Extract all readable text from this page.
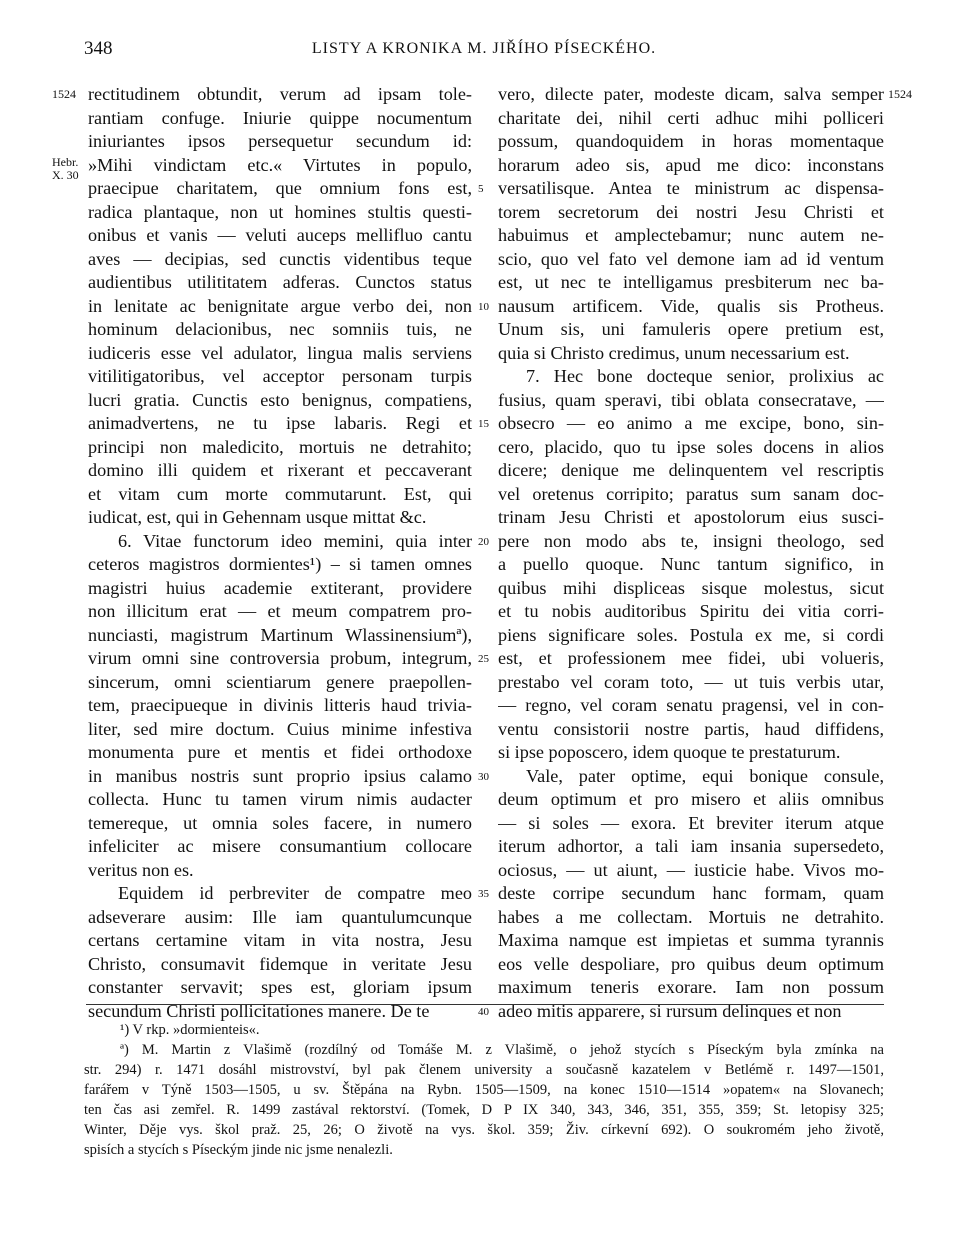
348	LISTY A KRONIKA M. JIŘÍHO PÍSECKÉHO.
1524	1524
Hebr.
X. 30
5
10
15
20
25
30
35
40
rectitudinem obtundit, verum ad ipsam tole-
rantiam confuge. Iniurie quippe nocumentum
iniuriantes ipsos persequetur secundum id:
»Mihi vindictam etc.« Virtutes in populo,
praecipue charitatem, que omnium fons est,
radica plantaque, non ut homines stultis questi-
onibus et vanis — veluti auceps mellifluo cantu
aves — decipias, sed cunctis videntibus teque
audientibus utilititatem adferas. Cunctos status
in lenitate ac benignitate argue verbo dei, non
hominum delacionibus, nec somniis tuis, ne
iudiceris esse vel adulator, lingua malis serviens
vitilitigatoribus, vel acceptor personam turpis
lucri gratia. Cunctis esto benignus, compatiens,
animadvertens, ne tu ipse labaris. Regi et
principi non maledicito, mortuis ne detrahito;
domino illi quidem et rixerant et peccaverant
et vitam cum morte commutarunt. Est, qui
iudicat, est, qui in Gehennam usque mittat &c.
6. Vitae functorum ideo memini, quia inter
ceteros magistros dormientes¹) – si tamen omnes
magistri huius academie extiterant, providere
non illicitum erat — et meum compatrem pro-
nunciasti, magistrum Martinum Wlassinensiumª),
virum omni sine controversia probum, integrum,
sincerum, omni scientiarum genere praepollen-
tem, praecipueque in divinis litteris haud trivia-
liter, sed mire doctum. Cuius minime infestiva
monumenta pure et mentis et fidei orthodoxe
in manibus nostris sunt proprio ipsius calamo
collecta. Hunc tu tamen virum nimis audacter
temereque, ut omnia soles facere, in numero
infeliciter ac misere consumantium collocare
veritus non es.
Equidem id perbreviter de compatre meo
adseverare ausim: Ille iam quantulumcunque
certans certamine vitam in vita nostra, Jesu
Christo, consumavit fidemque in veritate Jesu
constanter servavit; spes est, gloriam ipsum
secundum Christi pollicitationes manere. De te
vero, dilecte pater, modeste dicam, salva semper
charitate dei, nihil certi adhuc mihi polliceri
possum, quandoquidem in horas momentaque
horarum adeo sis, apud me dico: inconstans
versatilisque. Antea te ministrum ac dispensa-
torem secretorum dei nostri Jesu Christi et
habuimus et amplectebamur; nunc autem ne-
scio, quo vel fato vel demone iam ad id ventum
est, ut nec te intelligamus presbiterum nec ba-
nausum artificem. Vide, qualis sis Protheus.
Unum sis, uni famuleris opere pretium est,
quia si Christo credimus, unum necessarium est.
7. Hec bone docteque senior, prolixius ac
fusius, quam speravi, tibi oblata consecratave, —
obsecro — eo animo a me excipe, bono, sin-
cero, placido, quo tu ipse soles docens in alios
dicere; denique me delinquentem vel rescriptis
vel oretenus corripito; paratus sum sanam doc-
trinam Jesu Christi et apostolorum eius susci-
pere non modo abs te, insigni theologo, sed
a puello quoque. Nunc tantum significo, in
quibus mihi displiceas sisque molestus, sicut
et tu nobis auditoribus Spiritu dei vitia corri-
piens significare soles. Postula ex me, si cordi
est, et professionem mee fidei, ubi volueris,
prestabo vel coram toto, — ut tuis verbis utar,
— regno, vel coram senatu pragensi, vel in con-
ventu consistorii nostre partis, haud diffidens,
si ipse poposcero, idem quoque te prestaturum.
Vale, pater optime, equi bonique consule,
deum optimum et pro misero et aliis omnibus
— si soles — exora. Et breviter iterum atque
iterum adhortor, a tali iam insania supersedeto,
ociosus, — ut aiunt, — iusticie habe. Vivos mo-
deste corripe secundum hanc formam, quam
habes a me collectam. Mortuis ne detrahito.
Maxima namque est impietas et summa tyrannis
eos velle despoliare, pro quibus deum optimum
maximum teneris exorare. Iam non possum
adeo mitis apparere, si rursum delinques et non
¹) V rkp. »dormienteis«.
ª) M. Martin z Vlašimě (rozdílný od Tomáše M. z Vlašimě, o jehož stycích s Píseckým byla zmínka na
str. 294) r. 1471 dosáhl mistrovství, byl pak členem university a současně kazatelem v Betlémě r. 1497—1501,
farářem v Týně 1503—1505, u sv. Štěpána na Rybn. 1505—1509, na konec 1510—1514 »opatem« na Slovanech;
ten čas asi zemřel. R. 1499 zastával rektorství. (Tomek, D P IX 340, 343, 346, 351, 355, 359; St. letopisy 325;
Winter, Děje vys. škol praž. 25, 26; O životě na vys. škol. 359; Živ. církevní 692). O soukromém jeho životě,
spisích a stycích s Píseckým jinde nic jsme nenalezli.
